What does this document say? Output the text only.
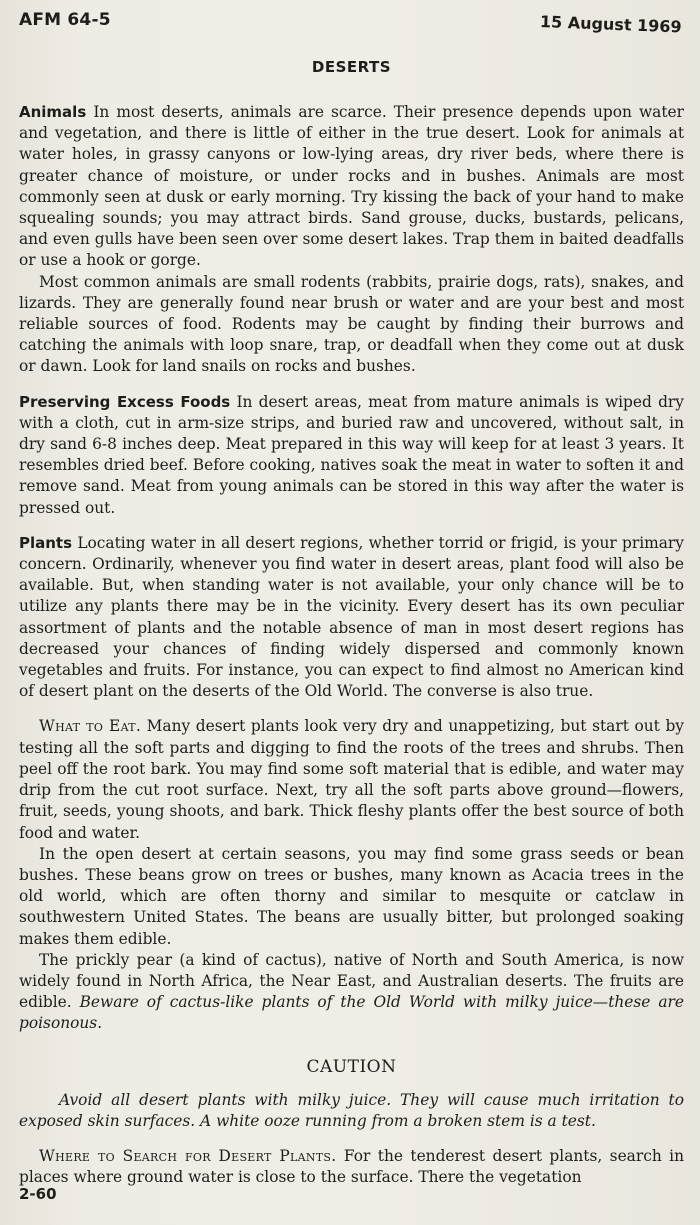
AFM 64-5	15 August 1969
DESERTS

Animals In most deserts, animals are scarce. Their presence depends upon water and vegetation, and there is little of either in the true desert. Look for animals at water holes, in grassy canyons or low-lying areas, dry river beds, where there is greater chance of moisture, or under rocks and in bushes. Animals are most commonly seen at dusk or early morning. Try kissing the back of your hand to make squealing sounds; you may attract birds. Sand grouse, ducks, bustards, pelicans, and even gulls have been seen over some desert lakes. Trap them in baited deadfalls or use a hook or gorge.

Most common animals are small rodents (rabbits, prairie dogs, rats), snakes, and lizards. They are generally found near brush or water and are your best and most reliable sources of food. Rodents may be caught by finding their burrows and catching the animals with loop snare, trap, or deadfall when they come out at dusk or dawn. Look for land snails on rocks and bushes.

Preserving Excess Foods In desert areas, meat from mature animals is wiped dry with a cloth, cut in arm-size strips, and buried raw and uncovered, without salt, in dry sand 6-8 inches deep. Meat prepared in this way will keep for at least 3 years. It resembles dried beef. Before cooking, natives soak the meat in water to soften it and remove sand. Meat from young animals can be stored in this way after the water is pressed out.

Plants Locating water in all desert regions, whether torrid or frigid, is your primary concern. Ordinarily, whenever you find water in desert areas, plant food will also be available. But, when standing water is not available, your only chance will be to utilize any plants there may be in the vicinity. Every desert has its own peculiar assortment of plants and the notable absence of man in most desert regions has decreased your chances of finding widely dispersed and commonly known vegetables and fruits. For instance, you can expect to find almost no American kind of desert plant on the deserts of the Old World. The converse is also true.

What to Eat. Many desert plants look very dry and unappetizing, but start out by testing all the soft parts and digging to find the roots of the trees and shrubs. Then peel off the root bark. You may find some soft material that is edible, and water may drip from the cut root surface. Next, try all the soft parts above ground—flowers, fruit, seeds, young shoots, and bark. Thick fleshy plants offer the best source of both food and water.

In the open desert at certain seasons, you may find some grass seeds or bean bushes. These beans grow on trees or bushes, many known as Acacia trees in the old world, which are often thorny and similar to mesquite or catclaw in southwestern United States. The beans are usually bitter, but prolonged soaking makes them edible.

The prickly pear (a kind of cactus), native of North and South America, is now widely found in North Africa, the Near East, and Australian deserts. The fruits are edible. Beware of cactus-like plants of the Old World with milky juice—these are poisonous.

CAUTION

Avoid all desert plants with milky juice. They will cause much irritation to exposed skin surfaces. A white ooze running from a broken stem is a test.

Where to Search for Desert Plants. For the tenderest desert plants, search in places where ground water is close to the surface. There the vegetation

2-60
